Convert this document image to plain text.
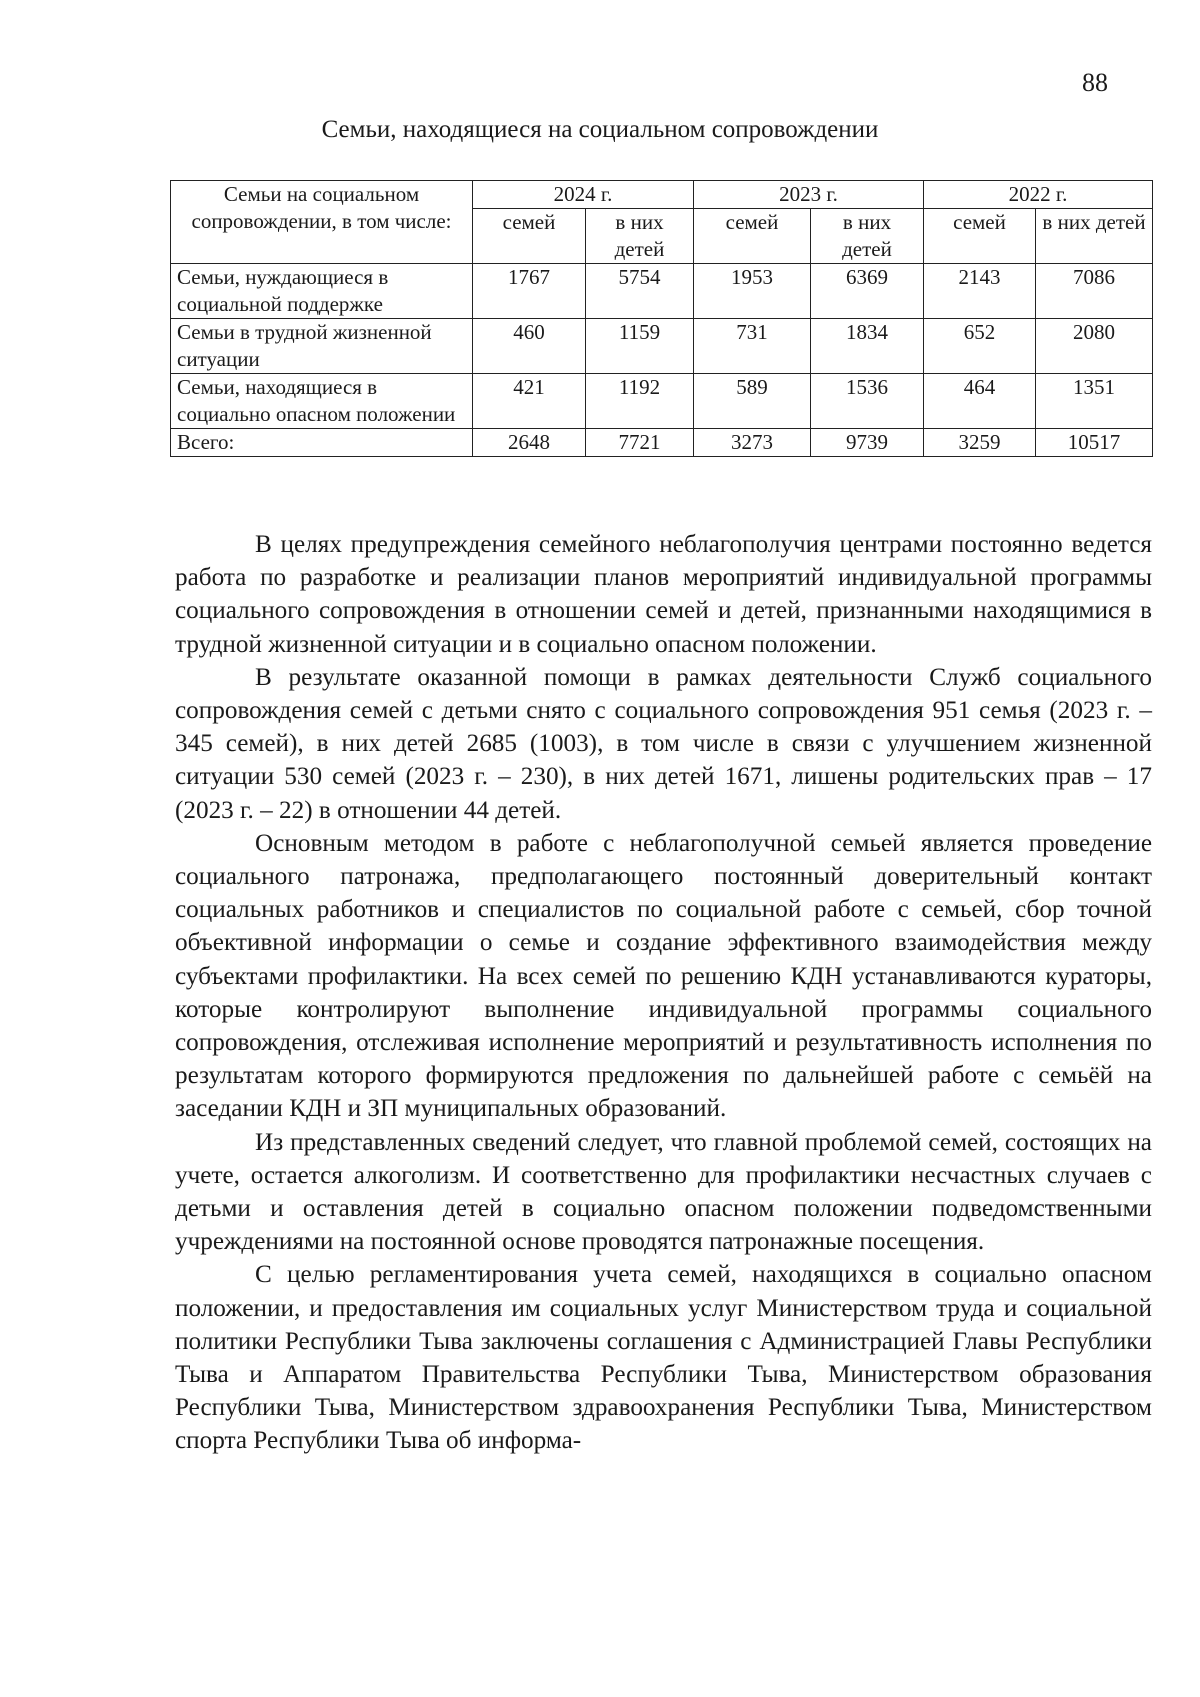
88
Семьи, находящиеся на социальном сопровождении
Семьи на социальном сопровождении, в том числе:	2024 г.		2023 г.		2022 г.	
	семей	в них детей	семей	в них детей	семей	в них детей
Семьи, нуждающиеся в социальной поддержке	1767	5754	1953	6369	2143	7086
Семьи в трудной жизненной ситуации	460	1159	731	1834	652	2080
Семьи, находящиеся в социально опасном положении	421	1192	589	1536	464	1351
Всего:	2648	7721	3273	9739	3259	10517

В целях предупреждения семейного неблагополучия центрами постоянно ведется работа по разработке и реализации планов мероприятий индивидуальной программы социального сопровождения в отношении семей и детей, признанными находящимися в трудной жизненной ситуации и в социально опасном положении.

В результате оказанной помощи в рамках деятельности Служб социального сопровождения семей с детьми снято с социального сопровождения 951 семья (2023 г. – 345 семей), в них детей 2685 (1003), в том числе в связи с улучшением жизненной ситуации 530 семей (2023 г. – 230), в них детей 1671, лишены родительских прав – 17 (2023 г. – 22) в отношении 44 детей.

Основным методом в работе с неблагополучной семьей является проведение социального патронажа, предполагающего постоянный доверительный контакт социальных работников и специалистов по социальной работе с семьей, сбор точной объективной информации о семье и создание эффективного взаимодействия между субъектами профилактики. На всех семей по решению КДН устанавливаются кураторы, которые контролируют выполнение индивидуальной программы социального сопровождения, отслеживая исполнение мероприятий и результативность исполнения по результатам которого формируются предложения по дальнейшей работе с семьёй на заседании КДН и ЗП муниципальных образований.

Из представленных сведений следует, что главной проблемой семей, состоящих на учете, остается алкоголизм. И соответственно для профилактики несчастных случаев с детьми и оставления детей в социально опасном положении подведомственными учреждениями на постоянной основе проводятся патронажные посещения.

С целью регламентирования учета семей, находящихся в социально опасном положении, и предоставления им социальных услуг Министерством труда и социальной политики Республики Тыва заключены соглашения с Администрацией Главы Республики Тыва и Аппаратом Правительства Республики Тыва, Министерством образования Республики Тыва, Министерством здравоохранения Республики Тыва, Министерством спорта Республики Тыва об информа-
